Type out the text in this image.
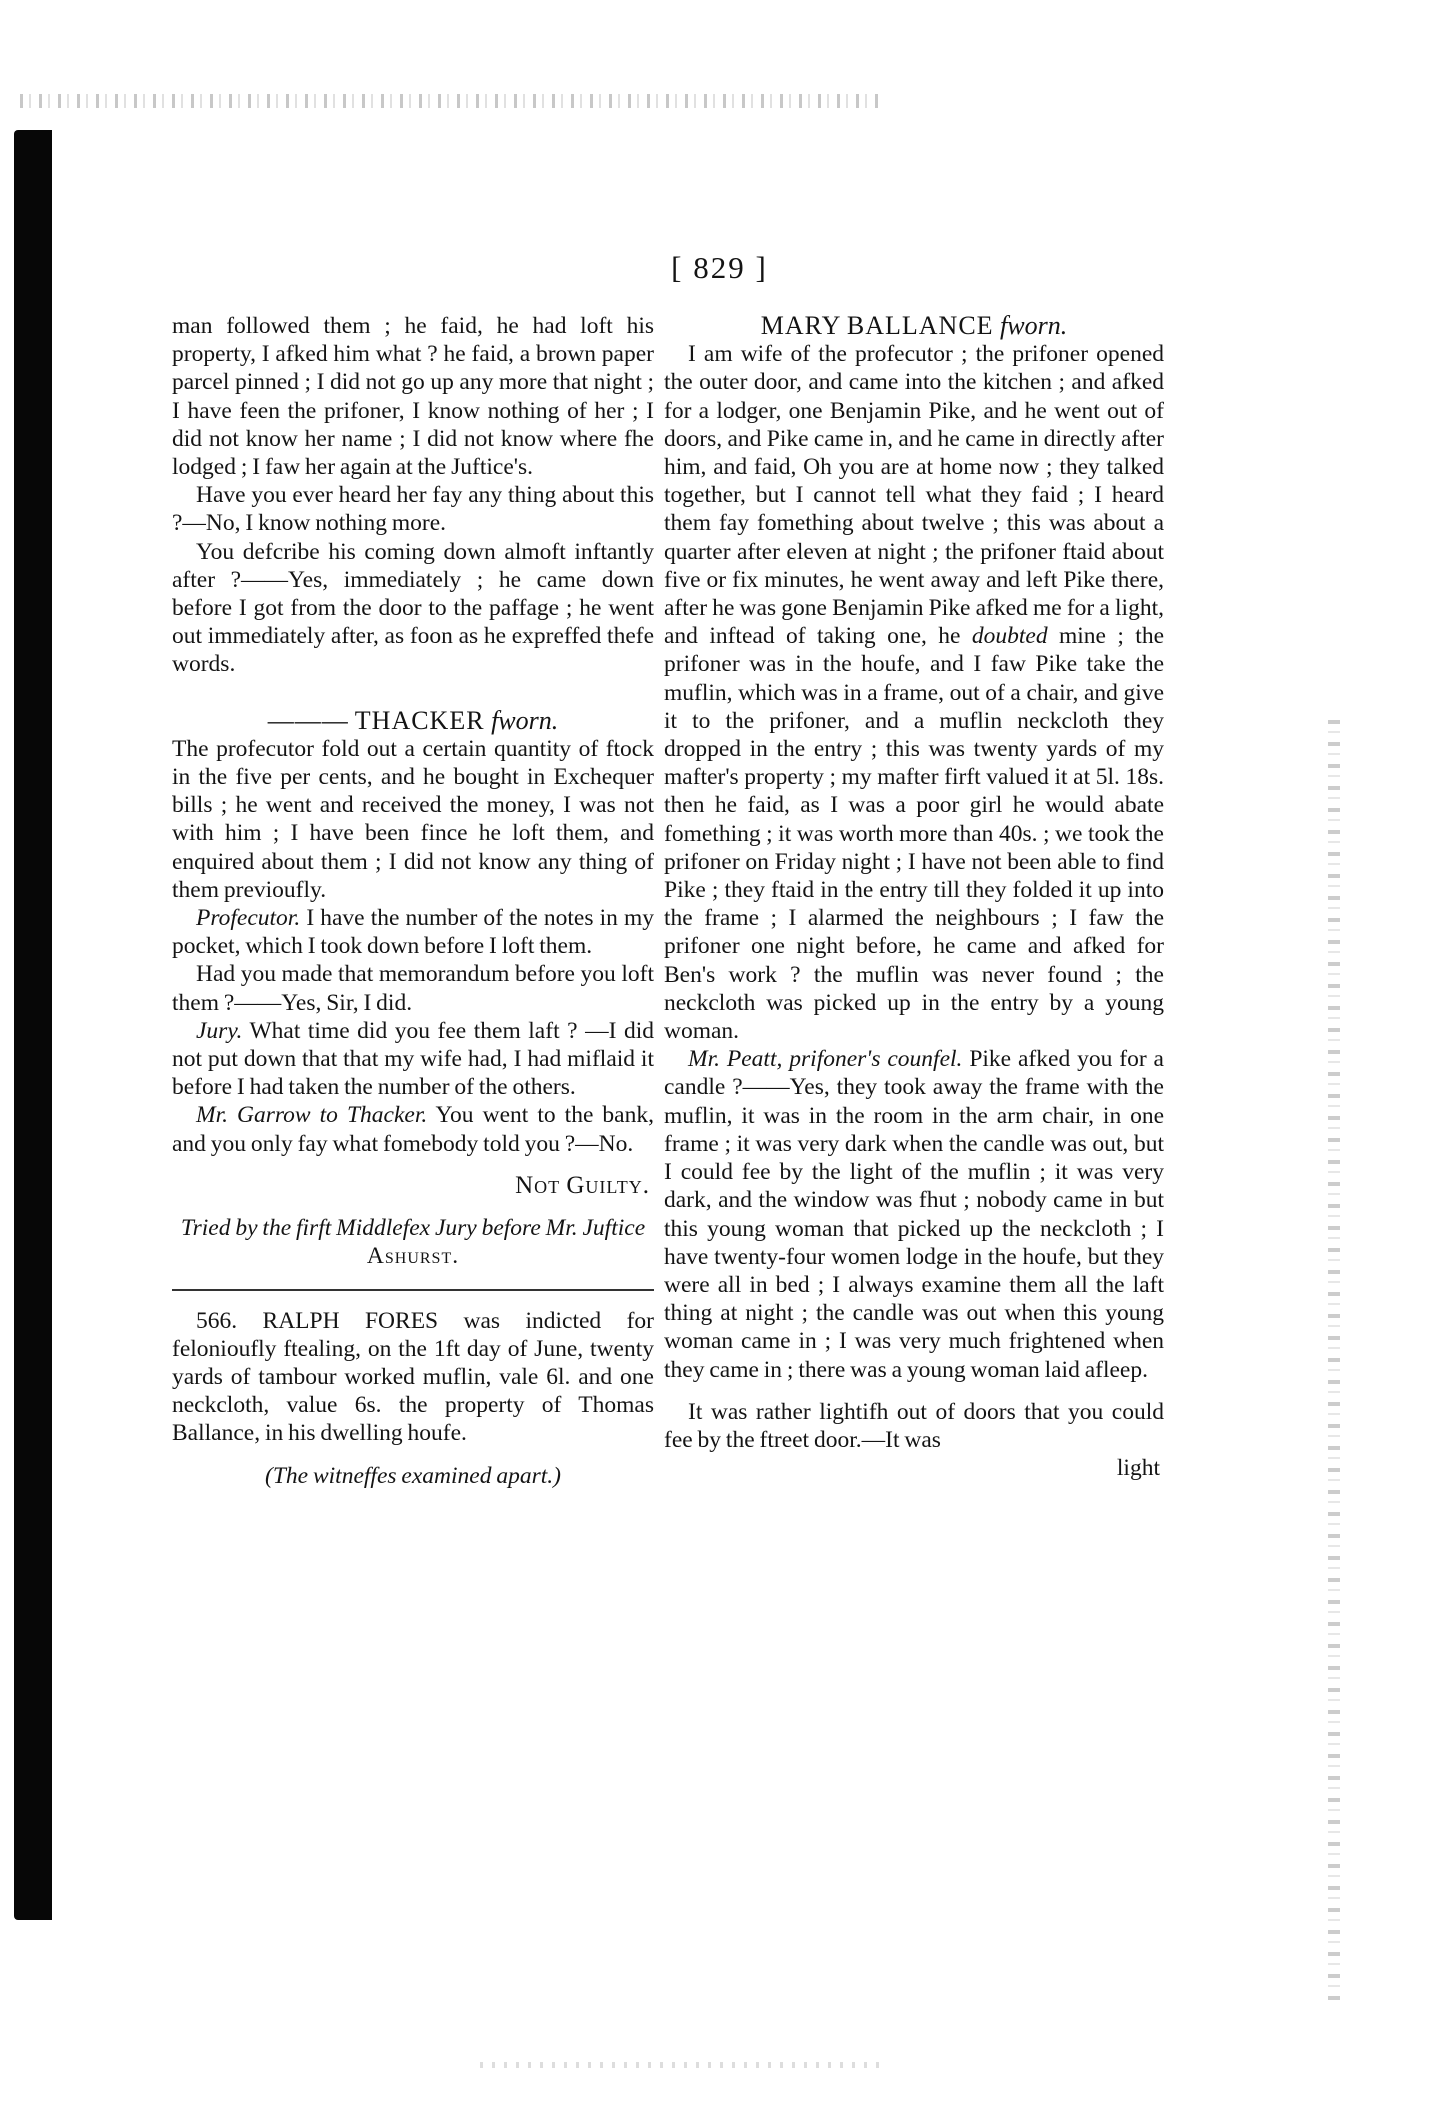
[ 829 ]

man followed them ; he faid, he had loft his property, I afked him what ? he faid, a brown paper parcel pinned ; I did not go up any more that night ; I have feen the prifoner, I know nothing of her ; I did not know her name ; I did not know where fhe lodged ; I faw her again at the Juftice's.

Have you ever heard her fay any thing about this ?—No, I know nothing more.

You defcribe his coming down almoft inftantly after ?——Yes, immediately ; he came down before I got from the door to the paffage ; he went out immediately after, as foon as he expreffed thefe words.

——— THACKER fworn.

The profecutor fold out a certain quantity of ftock in the five per cents, and he bought in Exchequer bills ; he went and received the money, I was not with him ; I have been fince he loft them, and enquired about them ; I did not know any thing of them previoufly.

Profecutor. I have the number of the notes in my pocket, which I took down before I loft them.

Had you made that memorandum before you loft them ?——Yes, Sir, I did.

Jury. What time did you fee them laft ? —I did not put down that that my wife had, I had miflaid it before I had taken the number of the others.

Mr. Garrow to Thacker. You went to the bank, and you only fay what fomebody told you ?—No.

Not Guilty.

Tried by the firft Middlefex Jury before Mr. Juftice Ashurst.

566. RALPH FORES was indicted for felonioufly ftealing, on the 1ft day of June, twenty yards of tambour worked muflin, vale 6l. and one neckcloth, value 6s. the property of Thomas Ballance, in his dwelling houfe.

(The witneffes examined apart.)

MARY BALLANCE fworn.

I am wife of the profecutor ; the prifoner opened the outer door, and came into the kitchen ; and afked for a lodger, one Benjamin Pike, and he went out of doors, and Pike came in, and he came in directly after him, and faid, Oh you are at home now ; they talked together, but I cannot tell what they faid ; I heard them fay fomething about twelve ; this was about a quarter after eleven at night ; the prifoner ftaid about five or fix minutes, he went away and left Pike there, after he was gone Benjamin Pike afked me for a light, and inftead of taking one, he doubted mine ; the prifoner was in the houfe, and I faw Pike take the muflin, which was in a frame, out of a chair, and give it to the prifoner, and a muflin neckcloth they dropped in the entry ; this was twenty yards of my mafter's property ; my mafter firft valued it at 5l. 18s. then he faid, as I was a poor girl he would abate fomething ; it was worth more than 40s. ; we took the prifoner on Friday night ; I have not been able to find Pike ; they ftaid in the entry till they folded it up into the frame ; I alarmed the neighbours ; I faw the prifoner one night before, he came and afked for Ben's work ? the muflin was never found ; the neckcloth was picked up in the entry by a young woman.

Mr. Peatt, prifoner's counfel. Pike afked you for a candle ?——Yes, they took away the frame with the muflin, it was in the room in the arm chair, in one frame ; it was very dark when the candle was out, but I could fee by the light of the muflin ; it was very dark, and the window was fhut ; nobody came in but this young woman that picked up the neckcloth ; I have twenty-four women lodge in the houfe, but they were all in bed ; I always examine them all the laft thing at night ; the candle was out when this young woman came in ; I was very much frightened when they came in ; there was a young woman laid afleep.

It was rather lightifh out of doors that you could fee by the ftreet door.—It was

light
